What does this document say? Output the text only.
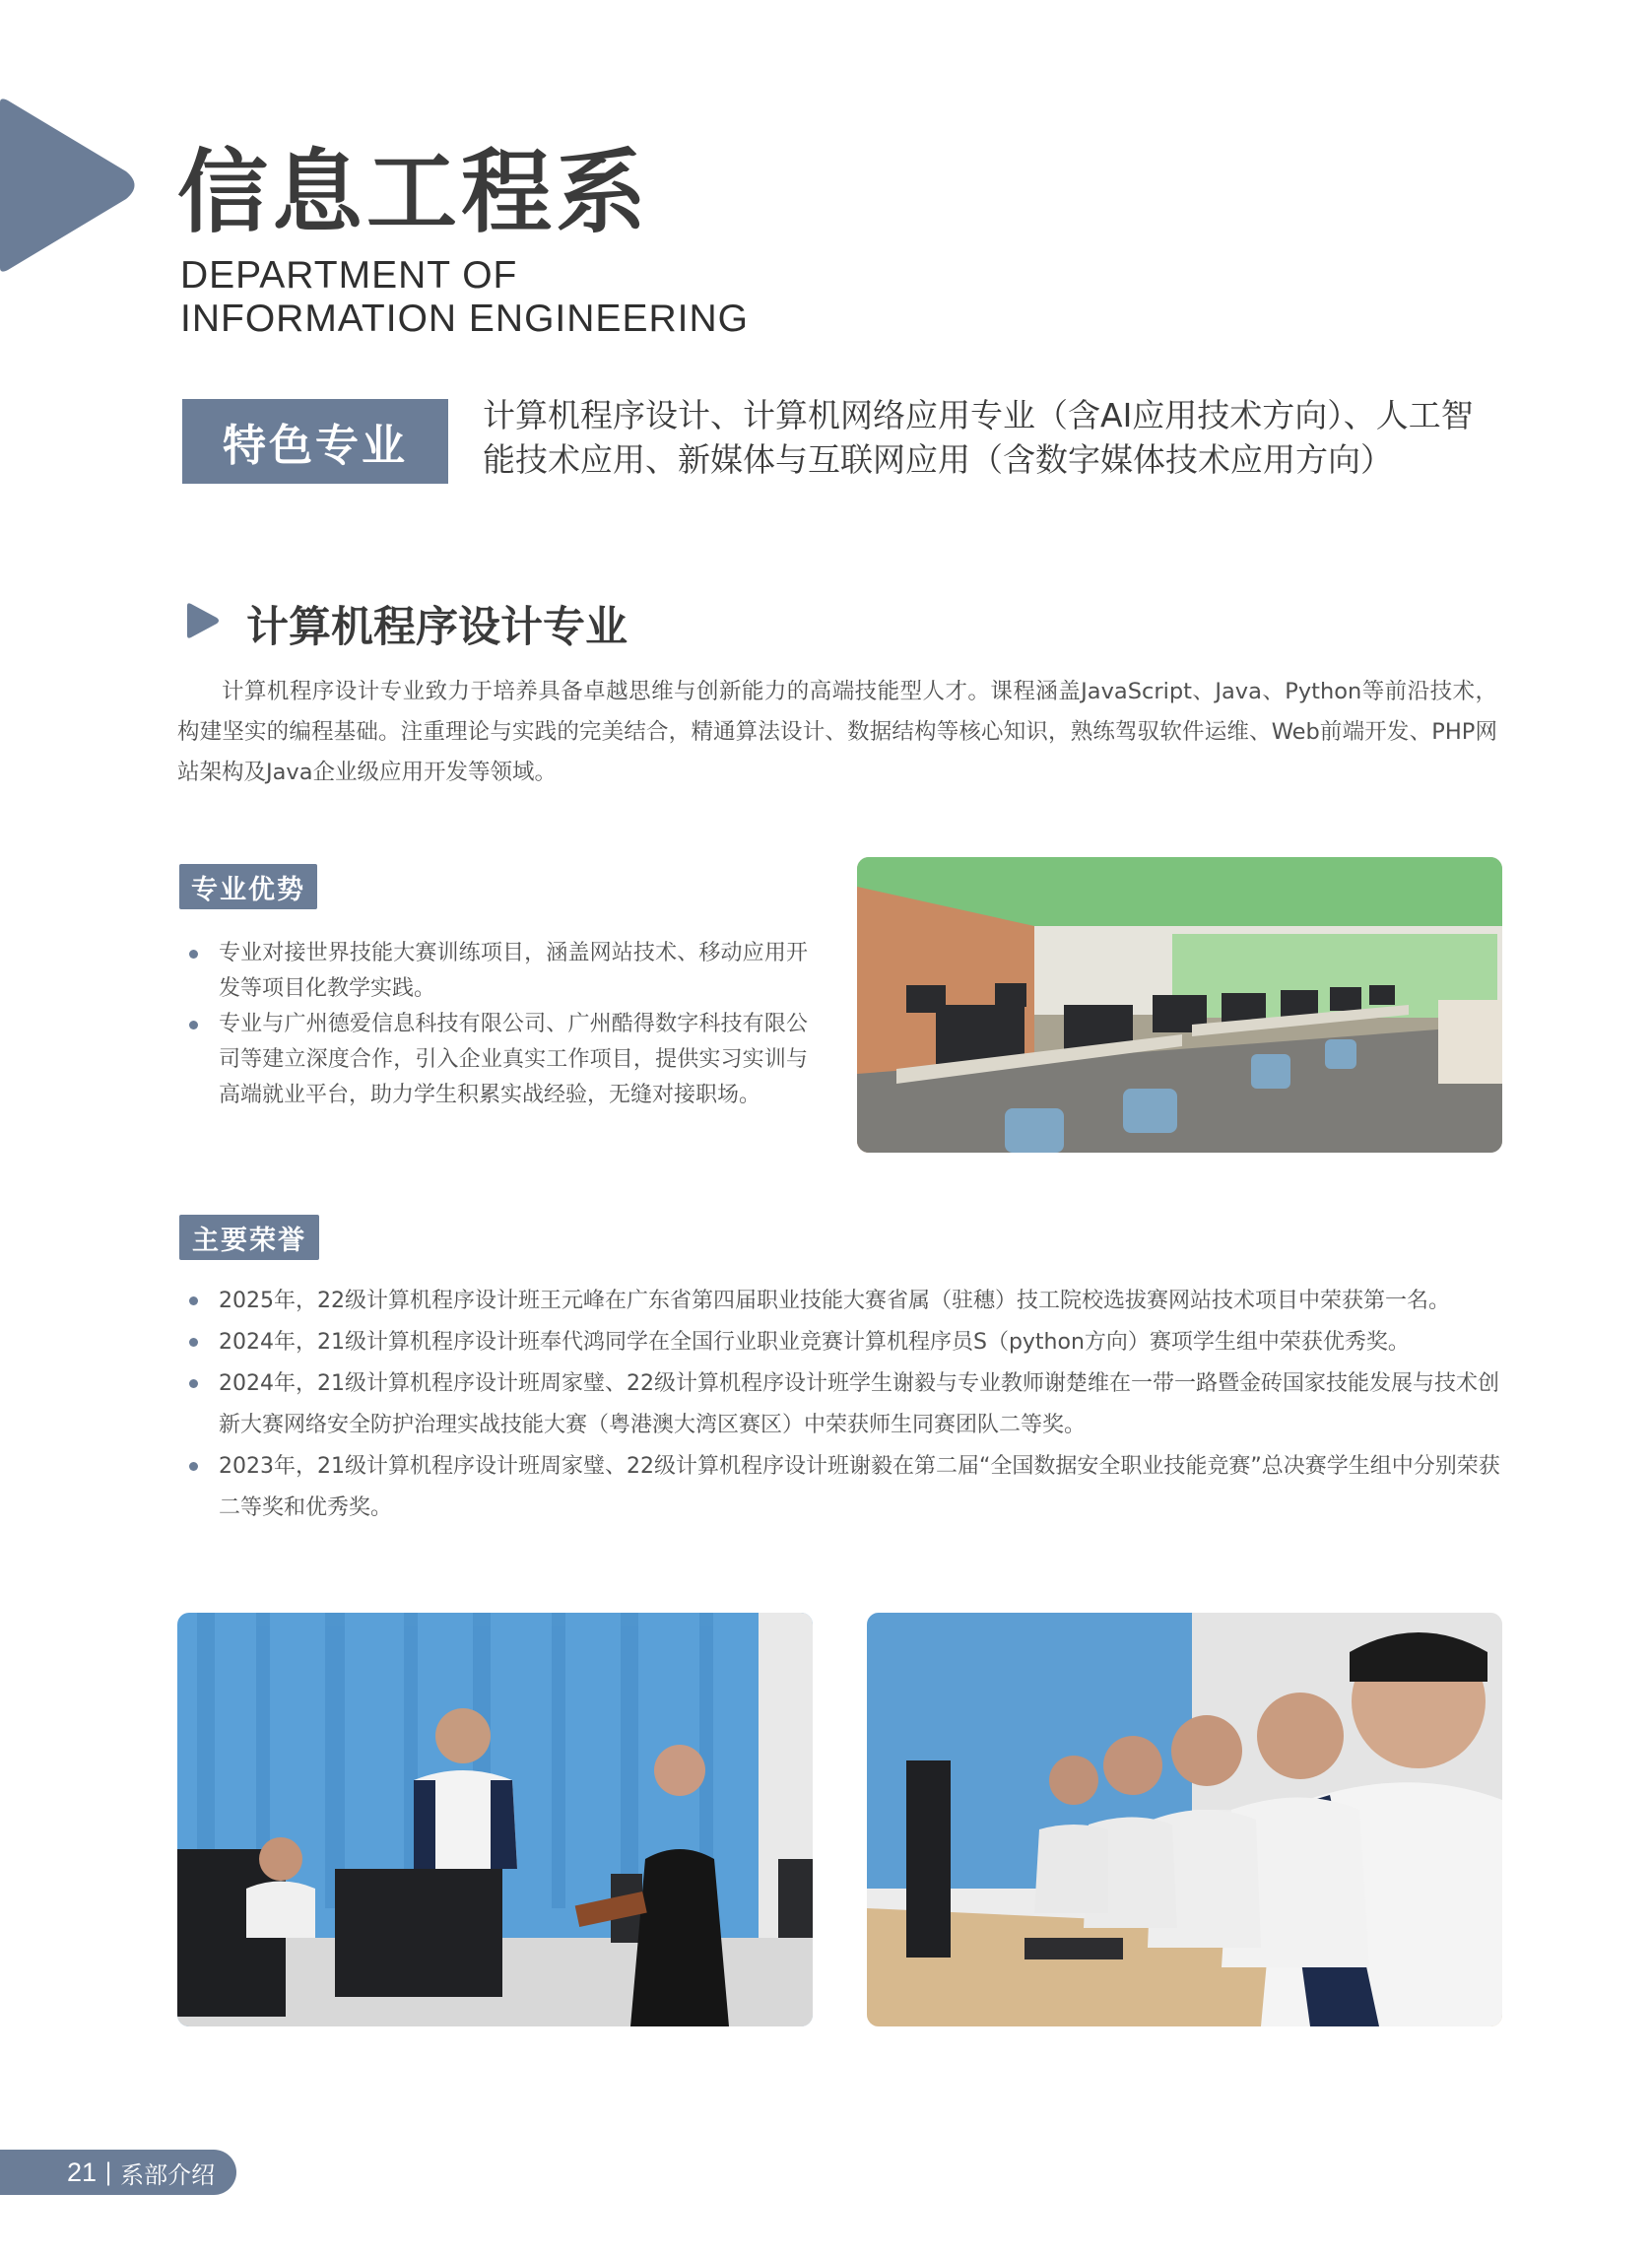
信息工程系
DEPARTMENT OF
INFORMATION ENGINEERING
特色专业
计算机程序设计、计算机网络应用专业（含AI应用技术方向）、人工智能技术应用、新媒体与互联网应用（含数字媒体技术应用方向）
计算机程序设计专业
计算机程序设计专业致力于培养具备卓越思维与创新能力的高端技能型人才。课程涵盖JavaScript、Java、Python等前沿技术，构建坚实的编程基础。注重理论与实践的完美结合，精通算法设计、数据结构等核心知识，熟练驾驭软件运维、Web前端开发、PHP网站架构及Java企业级应用开发等领域。
专业优势
专业对接世界技能大赛训练项目，涵盖网站技术、移动应用开发等项目化教学实践。
专业与广州德爱信息科技有限公司、广州酷得数字科技有限公司等建立深度合作，引入企业真实工作项目，提供实习实训与高端就业平台，助力学生积累实战经验，无缝对接职场。
主要荣誉
2025年，22级计算机程序设计班王元峰在广东省第四届职业技能大赛省属（驻穗）技工院校选拔赛网站技术项目中荣获第一名。
2024年，21级计算机程序设计班奉代鸿同学在全国行业职业竞赛计算机程序员S（python方向）赛项学生组中荣获优秀奖。
2024年，21级计算机程序设计班周家璧、22级计算机程序设计班学生谢毅与专业教师谢楚维在一带一路暨金砖国家技能发展与技术创新大赛网络安全防护治理实战技能大赛（粤港澳大湾区赛区）中荣获师生同赛团队二等奖。
2023年，21级计算机程序设计班周家璧、22级计算机程序设计班谢毅在第二届“全国数据安全职业技能竞赛”总决赛学生组中分别荣获二等奖和优秀奖。
21 | 系部介绍
